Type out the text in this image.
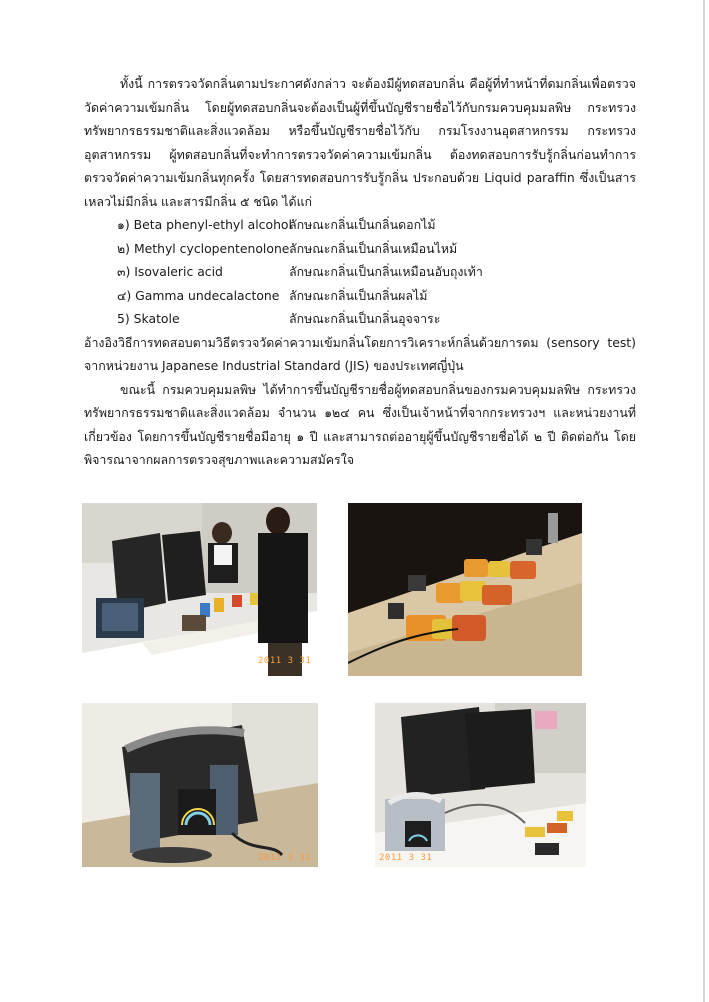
ทั้งนี้ การตรวจวัดกลิ่นตามประกาศดังกล่าว จะต้องมีผู้ทดสอบกลิ่น คือผู้ที่ทำหน้าที่ดมกลิ่นเพื่อตรวจวัดค่าความเข้มกลิ่น โดยผู้ทดสอบกลิ่นจะต้องเป็นผู้ที่ขึ้นบัญชีรายชื่อไว้กับกรมควบคุมมลพิษ กระทรวงทรัพยากรธรรมชาติและสิ่งแวดล้อม หรือขึ้นบัญชีรายชื่อไว้กับ กรมโรงงานอุตสาหกรรม กระทรวงอุตสาหกรรม ผู้ทดสอบกลิ่นที่จะทำการตรวจวัดค่าความเข้มกลิ่น ต้องทดสอบการรับรู้กลิ่นก่อนทำการตรวจวัดค่าความเข้มกลิ่นทุกครั้ง โดยสารทดสอบการรับรู้กลิ่น ประกอบด้วย Liquid paraffin ซึ่งเป็นสารเหลวไม่มีกลิ่น และสารมีกลิ่น ๕ ชนิด ได้แก่

๑) Beta phenyl-ethyl alcohol
ลักษณะกลิ่นเป็นกลิ่นดอกไม้
๒) Methyl cyclopentenolone ลักษณะกลิ่นเป็นกลิ่นเหมือนไหม้
๓) Isovaleric acid	ลักษณะกลิ่นเป็นกลิ่นเหมือนอับถุงเท้า
๔) Gamma undecalactone ลักษณะกลิ่นเป็นกลิ่นผลไม้
5) Skatole	ลักษณะกลิ่นเป็นกลิ่นอุจจาระ

อ้างอิงวิธีการทดสอบตามวิธีตรวจวัดค่าความเข้มกลิ่นโดยการวิเคราะห์กลิ่นด้วยการดม (sensory test) จากหน่วยงาน Japanese Industrial Standard (JIS) ของประเทศญี่ปุ่น

ขณะนี้ กรมควบคุมมลพิษ ได้ทำการขึ้นบัญชีรายชื่อผู้ทดสอบกลิ่นของกรมควบคุมมลพิษ กระทรวงทรัพยากรธรรมชาติและสิ่งแวดล้อม จำนวน ๑๒๔ คน ซึ่งเป็นเจ้าหน้าที่จากกระทรวงฯ และหน่วยงานที่เกี่ยวข้อง โดยการขึ้นบัญชีรายชื่อมีอายุ ๑ ปี และสามารถต่ออายุผู้ขึ้นบัญชีรายชื่อได้ ๒ ปี ติดต่อกัน โดยพิจารณาจากผลการตรวจสุขภาพและความสมัครใจ

2011 3 31
2011 3 31	2011 3 31
